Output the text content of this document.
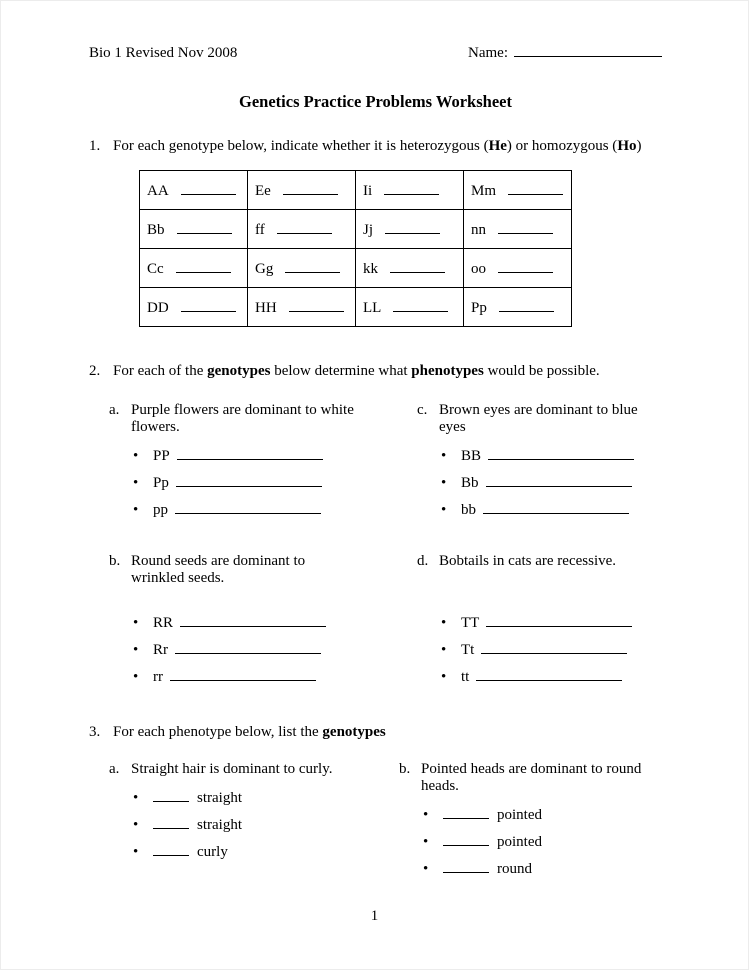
Bio 1 Revised Nov 2008	Name:
Genetics Practice Problems Worksheet
1. For each genotype below, indicate whether it is heterozygous (He) or homozygous (Ho)
AA	Ee	Ii	Mm
Bb	ff	Jj	nn
Cc	Gg	kk	oo
DD	HH	LL	Pp
2. For each of the genotypes below determine what phenotypes would be possible.
a. Purple flowers are dominant to white flowers.
• PP
• Pp
• pp
c. Brown eyes are dominant to blue eyes
• BB
• Bb
• bb
b. Round seeds are dominant to wrinkled seeds.
• RR
• Rr
• rr
d. Bobtails in cats are recessive.
• TT
• Tt
• tt
3. For each phenotype below, list the genotypes
a. Straight hair is dominant to curly.
•	straight
•	straight
•	curly
b. Pointed heads are dominant to round heads.
•	pointed
•	pointed
•	round
1
